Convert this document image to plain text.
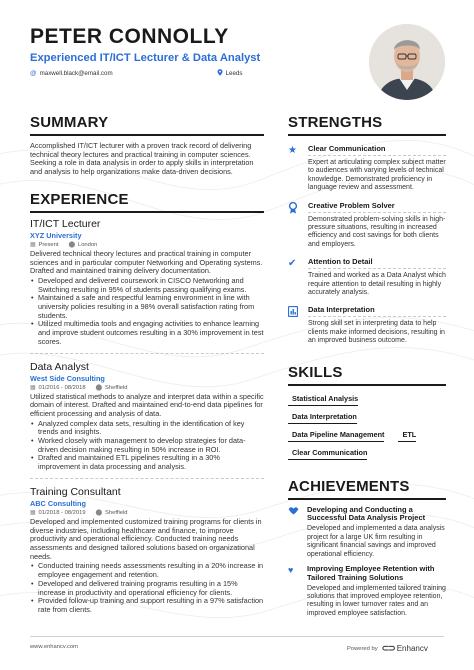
PETER CONNOLLY
Experienced IT/ICT Lecturer & Data Analyst
@ maxwell.black@email.com	Leeds
SUMMARY
Accomplished IT/ICT lecturer with a proven track record of delivering technical theory lectures and practical training in computer sciences. Seeking a role in data analysis in order to apply skills in interpretation and analysis to help organizations make data-driven decisions.
EXPERIENCE
IT/ICT Lecturer
XYZ University
▦ Present ⬤ London
Delivered technical theory lectures and practical training in computer sciences and in particular computer Networking and Operating systems. Drafted and maintained training delivery documentation.
• Developed and delivered coursework in CISCO Networking and Switching resulting in 95% of students passing qualifying exams.
• Maintained a safe and respectful learning environment in line with university policies resulting in a 98% overall satisfaction rating from students.
• Utilized multimedia tools and engaging activities to enhance learning and improve student outcomes resulting in a 30% improvement in test scores.
Data Analyst
West Side Consulting
▦ 01/2016 - 08/2018 ⬤ Sheffield
Utilized statistical methods to analyze and interpret data within a specific domain of interest. Drafted and maintained end-to-end data pipelines for efficient processing and analysis of data.
• Analyzed complex data sets, resulting in the identification of key trends and insights.
• Worked closely with management to develop strategies for data-driven decision making resulting in 50% increase in ROI.
• Drafted and maintained ETL pipelines resulting in a 30% improvement in data processing and analysis.
Training Consultant
ABC Consulting
▦ 01/2018 - 08/2019 ⬤ Sheffield
Developed and implemented customized training programs for clients in diverse industries, including healthcare and finance, to improve productivity and operational efficiency. Conducted training needs assessments and designed tailored solutions based on organizational needs.
• Conducted training needs assessments resulting in a 20% increase in employee engagement and retention.
• Developed and delivered training programs resulting in a 15% increase in productivity and operational efficiency for clients.
• Provided follow-up training and support resulting in a 97% satisfaction rate from clients.
STRENGTHS
★	Clear Communication
Expert at articulating complex subject matter to audiences with varying levels of technical knowledge. Demonstrated proficiency in language review and assessment.
Creative Problem Solver
Demonstrated problem-solving skills in high-pressure situations, resulting in increased efficiency and cost savings for both clients and employers.
✔	Attention to Detail
Trained and worked as a Data Analyst which require attention to detail resulting in highly accurately analysis.
Data Interpretation
Strong skill set in interpreting data to help clients make informed decisions, resulting in an improved business outcome.
SKILLS
Statistical Analysis
Data Interpretation
Data Pipeline Management	ETL
Clear Communication
ACHIEVEMENTS
Developing and Conducting a Successful Data Analysis Project
Developed and implemented a data analysis project for a large UK firm resulting in significant financial savings and improved operational efficiency.
♥	Improving Employee Retention with Tailored Training Solutions
Developed and implemented tailored training solutions that improved employee retention, resulting in lower turnover rates and an improved employee satisfaction.
www.enhancv.com	Powered by ⊂⊃ Enhancv
